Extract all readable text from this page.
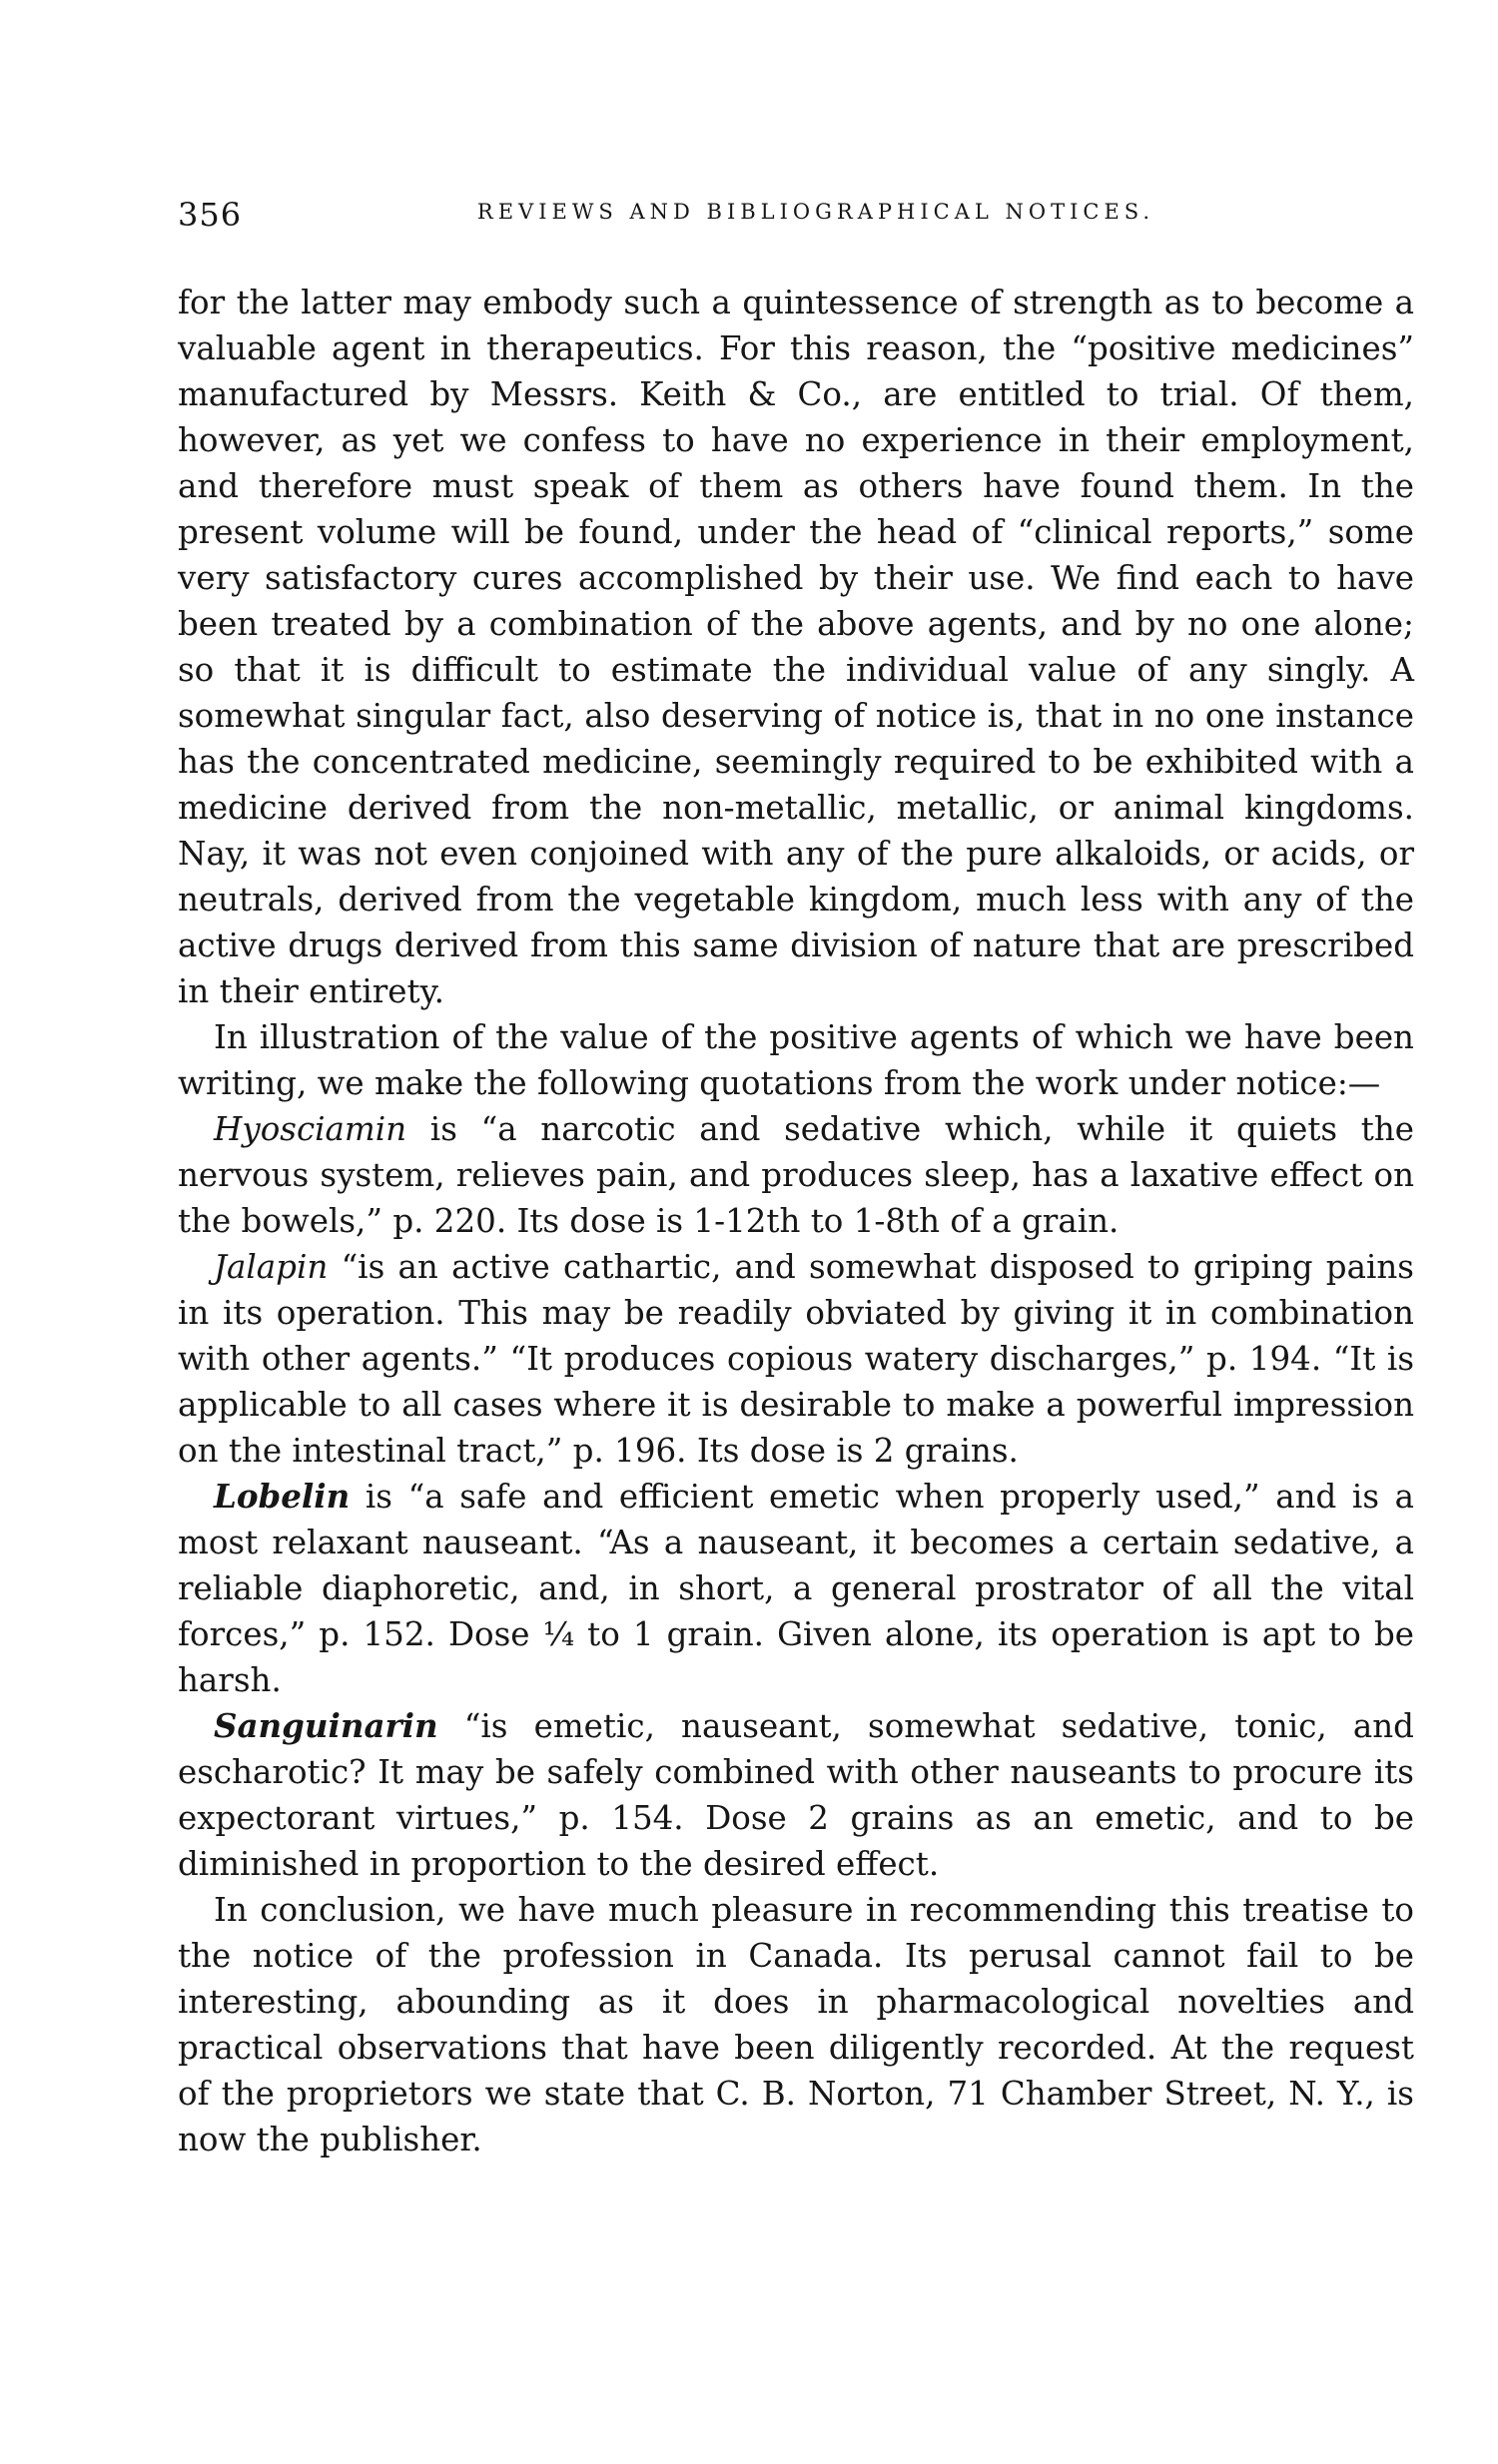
356	REVIEWS AND BIBLIOGRAPHICAL NOTICES.

for the latter may embody such a quintessence of strength as to become a valuable agent in therapeutics. For this reason, the “positive medicines” manufactured by Messrs. Keith & Co., are entitled to trial. Of them, however, as yet we confess to have no experience in their employment, and therefore must speak of them as others have found them. In the present volume will be found, under the head of “clinical reports,” some very satisfactory cures accomplished by their use. We find each to have been treated by a combination of the above agents, and by no one alone; so that it is difficult to estimate the individual value of any singly. A somewhat singular fact, also deserving of notice is, that in no one instance has the concentrated medicine, seemingly required to be exhibited with a medicine derived from the non-metallic, metallic, or animal kingdoms. Nay, it was not even conjoined with any of the pure alkaloids, or acids, or neutrals, derived from the vegetable kingdom, much less with any of the active drugs derived from this same division of nature that are prescribed in their entirety.

In illustration of the value of the positive agents of which we have been writing, we make the following quotations from the work under notice:—

Hyosciamin is “a narcotic and sedative which, while it quiets the nervous system, relieves pain, and produces sleep, has a laxative effect on the bowels,” p. 220. Its dose is 1-12th to 1-8th of a grain.

Jalapin “is an active cathartic, and somewhat disposed to griping pains in its operation. This may be readily obviated by giving it in combination with other agents.” “It produces copious watery discharges,” p. 194. “It is applicable to all cases where it is desirable to make a powerful impression on the intestinal tract,” p. 196. Its dose is 2 grains.

Lobelin is “a safe and efficient emetic when properly used,” and is a most relaxant nauseant. “As a nauseant, it becomes a certain sedative, a reliable diaphoretic, and, in short, a general prostrator of all the vital forces,” p. 152. Dose ¼ to 1 grain. Given alone, its operation is apt to be harsh.

Sanguinarin “is emetic, nauseant, somewhat sedative, tonic, and escharotic? It may be safely combined with other nauseants to procure its expectorant virtues,” p. 154. Dose 2 grains as an emetic, and to be diminished in proportion to the desired effect.

In conclusion, we have much pleasure in recommending this treatise to the notice of the profession in Canada. Its perusal cannot fail to be interesting, abounding as it does in pharmacological novelties and practical observations that have been diligently recorded. At the request of the proprietors we state that C. B. Norton, 71 Chamber Street, N. Y., is now the publisher.
